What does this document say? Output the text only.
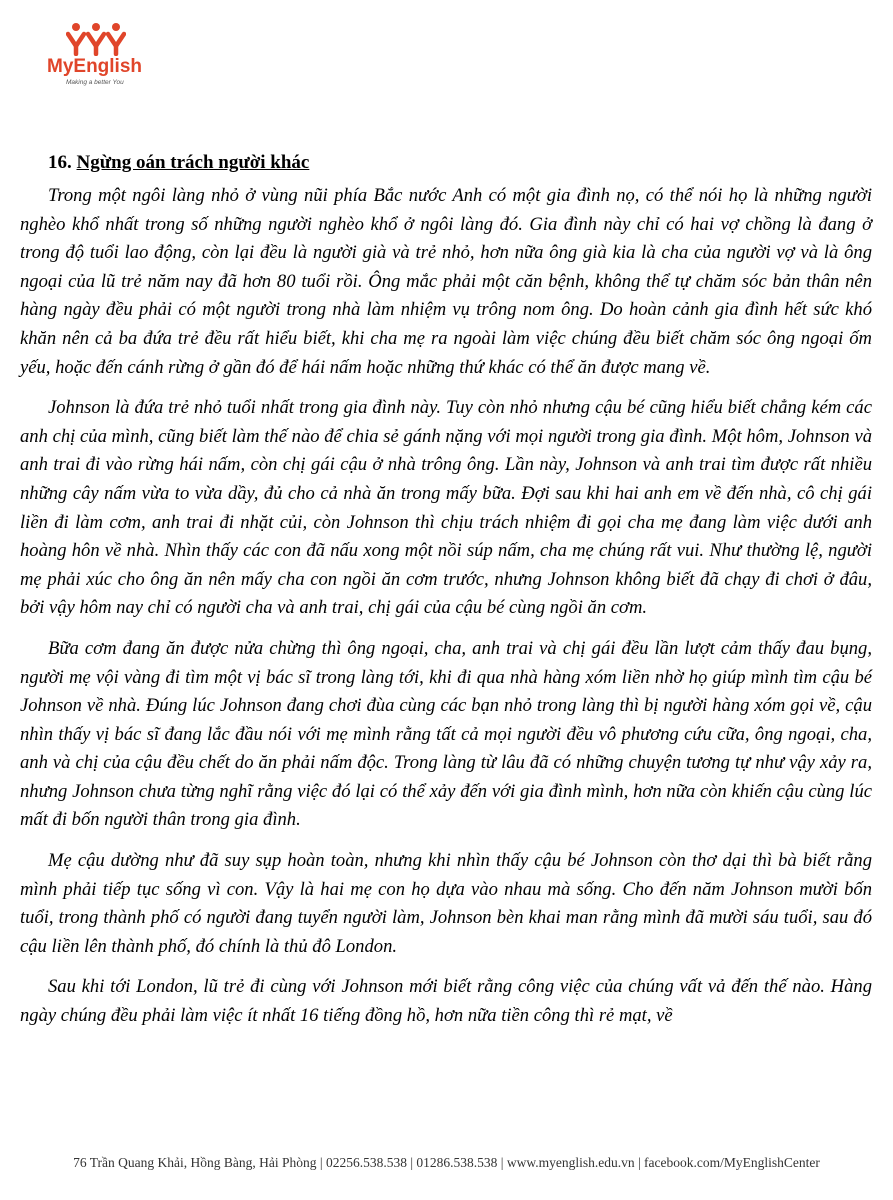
MyEnglish
Making a better You
16. Ngừng oán trách người khác

Trong một ngôi làng nhỏ ở vùng nũi phía Bắc nước Anh có một gia đình nọ, có thể nói họ là những người nghèo khổ nhất trong số những người nghèo khổ ở ngôi làng đó. Gia đình này chỉ có hai vợ chồng là đang ở trong độ tuổi lao động, còn lại đều là người già và trẻ nhỏ, hơn nữa ông già kia là cha của người vợ và là ông ngoại của lũ trẻ năm nay đã hơn 80 tuổi rồi. Ông mắc phải một căn bệnh, không thể tự chăm sóc bản thân nên hàng ngày đều phải có một người trong nhà làm nhiệm vụ trông nom ông. Do hoàn cảnh gia đình hết sức khó khăn nên cả ba đứa trẻ đều rất hiểu biết, khi cha mẹ ra ngoài làm việc chúng đều biết chăm sóc ông ngoại ốm yếu, hoặc đến cánh rừng ở gần đó để hái nấm hoặc những thứ khác có thể ăn được mang về.

Johnson là đứa trẻ nhỏ tuổi nhất trong gia đình này. Tuy còn nhỏ nhưng cậu bé cũng hiểu biết chẳng kém các anh chị của mình, cũng biết làm thế nào để chia sẻ gánh nặng với mọi người trong gia đình. Một hôm, Johnson và anh trai đi vào rừng hái nấm, còn chị gái cậu ở nhà trông ông. Lần này, Johnson và anh trai tìm được rất nhiều những cây nấm vừa to vừa dầy, đủ cho cả nhà ăn trong mấy bữa. Đợi sau khi hai anh em về đến nhà, cô chị gái liền đi làm cơm, anh trai đi nhặt củi, còn Johnson thì chịu trách nhiệm đi gọi cha mẹ đang làm việc dưới anh hoàng hôn về nhà. Nhìn thấy các con đã nấu xong một nồi súp nấm, cha mẹ chúng rất vui. Như thường lệ, người mẹ phải xúc cho ông ăn nên mấy cha con ngồi ăn cơm trước, nhưng Johnson không biết đã chạy đi chơi ở đâu, bởi vậy hôm nay chỉ có người cha và anh trai, chị gái của cậu bé cùng ngồi ăn cơm.

Bữa cơm đang ăn được nửa chừng thì ông ngoại, cha, anh trai và chị gái đều lần lượt cảm thấy đau bụng, người mẹ vội vàng đi tìm một vị bác sĩ trong làng tới, khi đi qua nhà hàng xóm liền nhờ họ giúp mình tìm cậu bé Johnson về nhà. Đúng lúc Johnson đang chơi đùa cùng các bạn nhỏ trong làng thì bị người hàng xóm gọi về, cậu nhìn thấy vị bác sĩ đang lắc đầu nói với mẹ mình rằng tất cả mọi người đều vô phương cứu cữa, ông ngoại, cha, anh và chị của cậu đều chết do ăn phải nấm độc. Trong làng từ lâu đã có những chuyện tương tự như vậy xảy ra, nhưng Johnson chưa từng nghĩ rằng việc đó lại có thể xảy đến với gia đình mình, hơn nữa còn khiến cậu cùng lúc mất đi bốn người thân trong gia đình.

Mẹ cậu dường như đã suy sụp hoàn toàn, nhưng khi nhìn thấy cậu bé Johnson còn thơ dại thì bà biết rằng mình phải tiếp tục sống vì con. Vậy là hai mẹ con họ dựa vào nhau mà sống. Cho đến năm Johnson mười bốn tuổi, trong thành phố có người đang tuyển người làm, Johnson bèn khai man rằng mình đã mười sáu tuổi, sau đó cậu liền lên thành phố, đó chính là thủ đô London.

Sau khi tới London, lũ trẻ đi cùng với Johnson mới biết rằng công việc của chúng vất vả đến thế nào. Hàng ngày chúng đều phải làm việc ít nhất 16 tiếng đồng hồ, hơn nữa tiền công thì rẻ mạt, về

76 Trần Quang Khải, Hồng Bàng, Hải Phòng | 02256.538.538 | 01286.538.538 | www.myenglish.edu.vn | facebook.com/MyEnglishCenter
